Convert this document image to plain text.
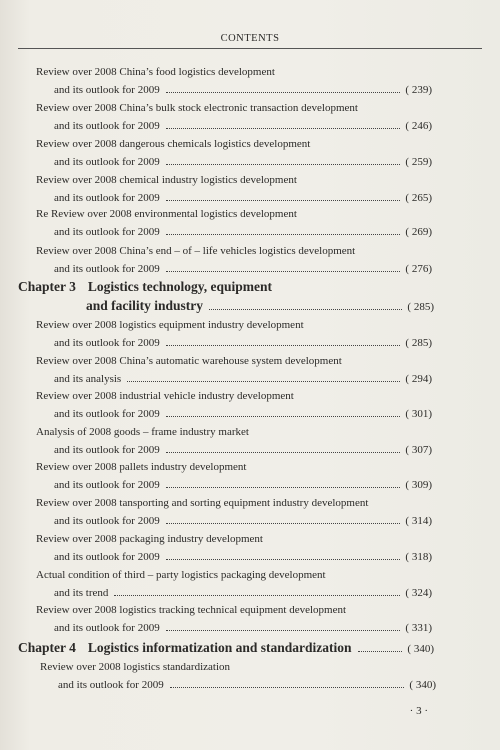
CONTENTS
Review over 2008 China’s food logistics development
and its outlook for 2009	( 239)
Review over 2008 China’s bulk stock electronic transaction development
and its outlook for 2009	( 246)
Review over 2008 dangerous chemicals logistics development
and its outlook for 2009	( 259)
Review over 2008 chemical industry logistics development
and its outlook for 2009	( 265)
Re Review over 2008 environmental logistics development
and its outlook for 2009	( 269)
Review over 2008 China’s end – of – life vehicles logistics development
and its outlook for 2009	( 276)
Chapter 3 Logistics technology, equipment
and facility industry	( 285)
Review over 2008 logistics equipment industry development
and its outlook for 2009	( 285)
Review over 2008 China’s automatic warehouse system development
and its analysis	( 294)
Review over 2008 industrial vehicle industry development
and its outlook for 2009	( 301)
Analysis of 2008 goods – frame industry market
and its outlook for 2009	( 307)
Review over 2008 pallets industry development
and its outlook for 2009	( 309)
Review over 2008 tansporting and sorting equipment industry development
and its outlook for 2009	( 314)
Review over 2008 packaging industry development
and its outlook for 2009	( 318)
Actual condition of third – party logistics packaging development
and its trend	( 324)
Review over 2008 logistics tracking technical equipment development
and its outlook for 2009	( 331)
Chapter 4 Logistics informatization and standardization	( 340)
Review over 2008 logistics standardization
and its outlook for 2009	( 340)
· 3 ·
